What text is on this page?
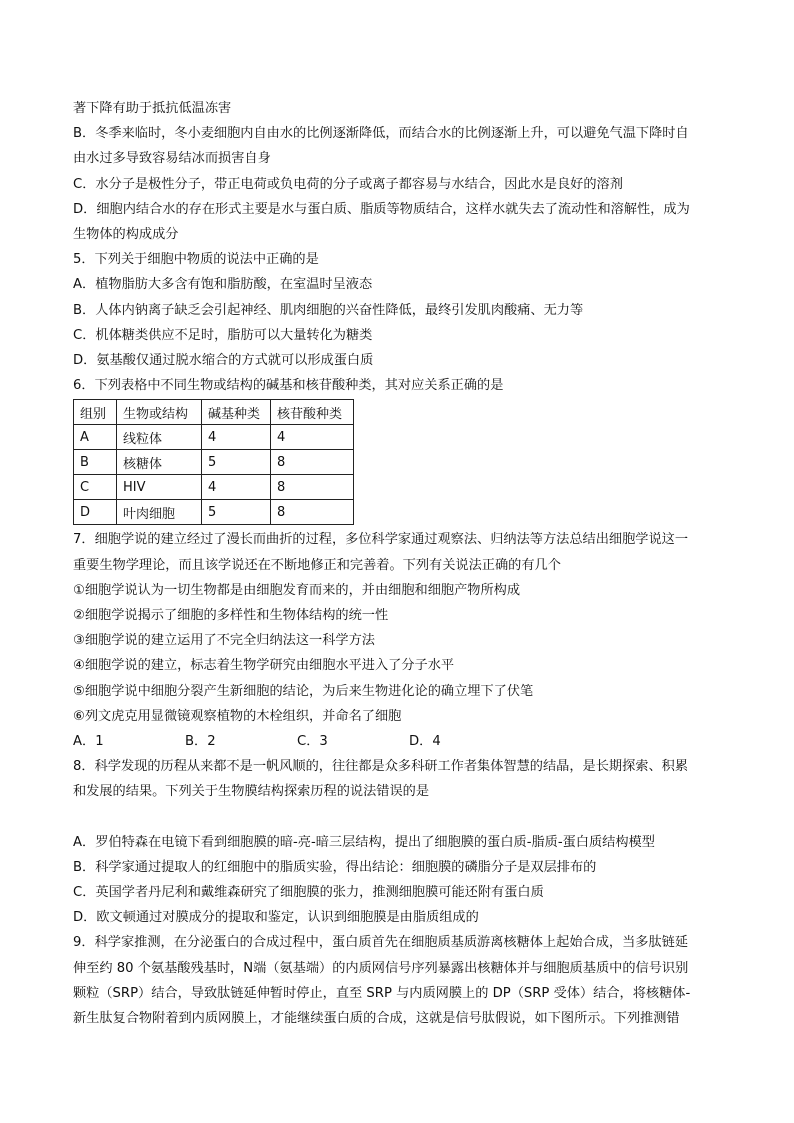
著下降有助于抵抗低温冻害
B．冬季来临时，冬小麦细胞内自由水的比例逐渐降低，而结合水的比例逐渐上升，可以避免气温下降时自
由水过多导致容易结冰而损害自身
C．水分子是极性分子，带正电荷或负电荷的分子或离子都容易与水结合，因此水是良好的溶剂
D．细胞内结合水的存在形式主要是水与蛋白质、脂质等物质结合，这样水就失去了流动性和溶解性，成为
生物体的构成成分
5．下列关于细胞中物质的说法中正确的是
A．植物脂肪大多含有饱和脂肪酸，在室温时呈液态
B．人体内钠离子缺乏会引起神经、肌肉细胞的兴奋性降低，最终引发肌肉酸痛、无力等
C．机体糖类供应不足时，脂肪可以大量转化为糖类
D．氨基酸仅通过脱水缩合的方式就可以形成蛋白质
6．下列表格中不同生物或结构的碱基和核苷酸种类，其对应关系正确的是
组别	生物或结构	碱基种类	核苷酸种类
A	线粒体	4	4
B	核糖体	5	8
C	HIV	4	8
D	叶肉细胞	5	8
7．细胞学说的建立经过了漫长而曲折的过程，多位科学家通过观察法、归纳法等方法总结出细胞学说这一
重要生物学理论，而且该学说还在不断地修正和完善着。下列有关说法正确的有几个
①细胞学说认为一切生物都是由细胞发育而来的，并由细胞和细胞产物所构成
②细胞学说揭示了细胞的多样性和生物体结构的统一性
③细胞学说的建立运用了不完全归纳法这一科学方法
④细胞学说的建立，标志着生物学研究由细胞水平进入了分子水平
⑤细胞学说中细胞分裂产生新细胞的结论，为后来生物进化论的确立埋下了伏笔
⑥列文虎克用显微镜观察植物的木栓组织，并命名了细胞
A．1	B．2	C．3	D．4
8．科学发现的历程从来都不是一帆风顺的，往往都是众多科研工作者集体智慧的结晶，是长期探索、积累
和发展的结果。下列关于生物膜结构探索历程的说法错误的是
A．罗伯特森在电镜下看到细胞膜的暗-亮-暗三层结构，提出了细胞膜的蛋白质-脂质-蛋白质结构模型
B．科学家通过提取人的红细胞中的脂质实验，得出结论：细胞膜的磷脂分子是双层排布的
C．英国学者丹尼利和戴维森研究了细胞膜的张力，推测细胞膜可能还附有蛋白质
D．欧文顿通过对膜成分的提取和鉴定，认识到细胞膜是由脂质组成的
9．科学家推测，在分泌蛋白的合成过程中，蛋白质首先在细胞质基质游离核糖体上起始合成，当多肽链延
伸至约 80 个氨基酸残基时，N端（氨基端）的内质网信号序列暴露出核糖体并与细胞质基质中的信号识别
颗粒（SRP）结合，导致肽链延伸暂时停止，直至 SRP 与内质网膜上的 DP（SRP 受体）结合，将核糖体-
新生肽复合物附着到内质网膜上，才能继续蛋白质的合成，这就是信号肽假说，如下图所示。下列推测错
